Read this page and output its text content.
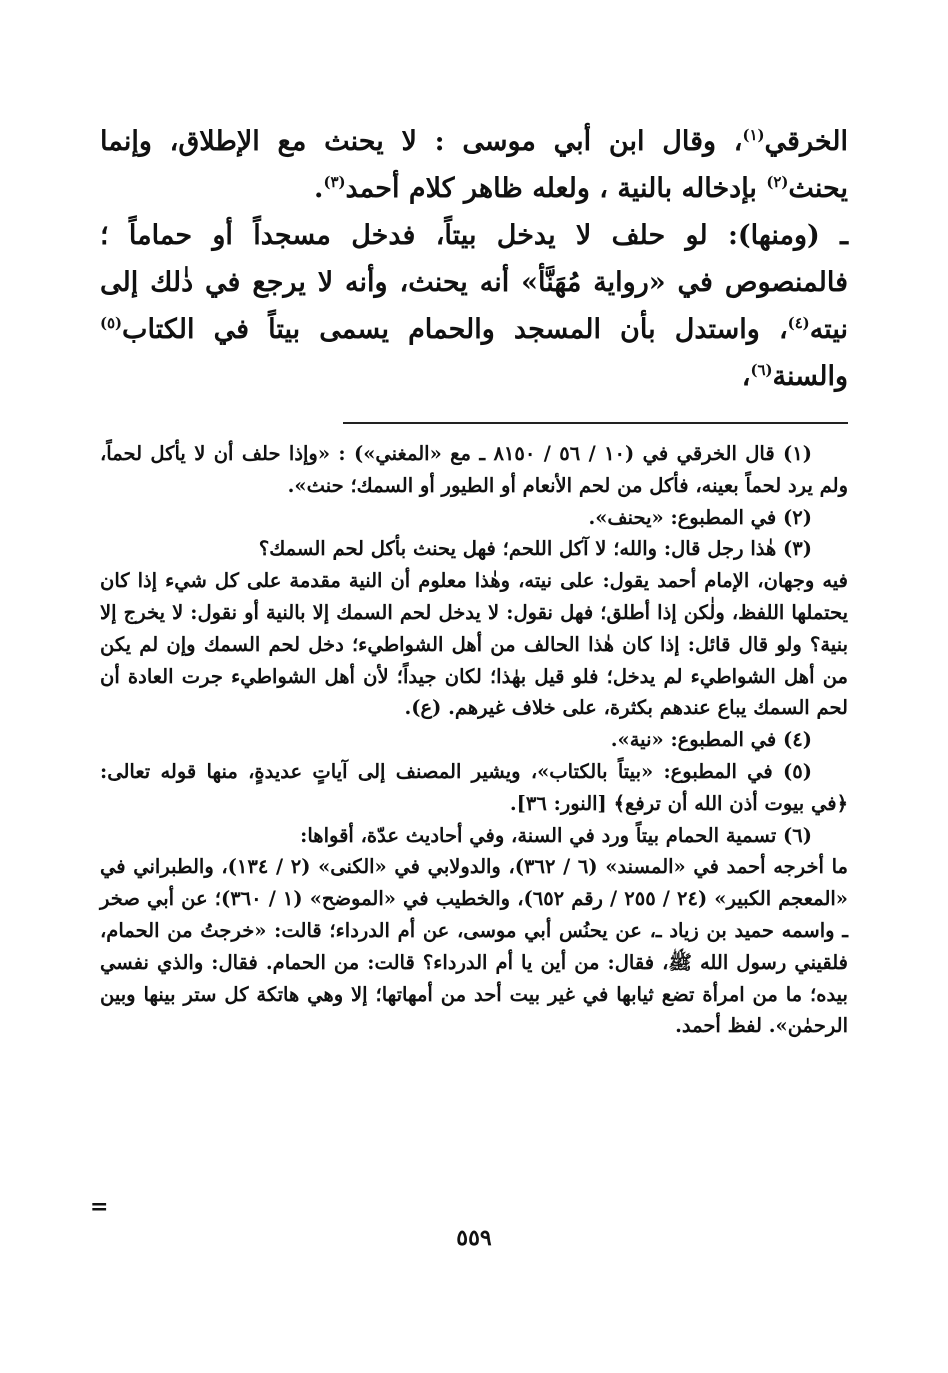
الخرقي$^{(١)}$، وقال ابن أبي موسى : لا يحنث مع الإطلاق، وإنما يحنث$^{(٢)}$ بإدخاله بالنية ، ولعله ظاهر كلام أحمد$^{(٣)}$.

ـ (ومنها): لو حلف لا يدخل بيتاً، فدخل مسجداً أو حماماً ؛ فالمنصوص في «رواية مُهَنَّأ» أنه يحنث، وأنه لا يرجع في ذٰلك إلى نيته$^{(٤)}$، واستدل بأن المسجد والحمام يسمى بيتاً في الكتاب$^{(٥)}$ والسنة$^{(٦)}$،

(١) قال الخرقي في (١٠ / ٥٦ / ٨١٥٠ ـ مع «المغني») : «وإذا حلف أن لا يأكل لحماً، ولم يرد لحماً بعينه، فأكل من لحم الأنعام أو الطيور أو السمك؛ حنث».

(٢) في المطبوع: «يحنف».

(٣) هٰذا رجل قال: والله؛ لا آكل اللحم؛ فهل يحنث بأكل لحم السمك؟

فيه وجهان، الإمام أحمد يقول: على نيته، وهٰذا معلوم أن النية مقدمة على كل شيء إذا كان يحتملها اللفظ، ولٰكن إذا أطلق؛ فهل نقول: لا يدخل لحم السمك إلا بالنية أو نقول: لا يخرج إلا بنية؟ ولو قال قائل: إذا كان هٰذا الحالف من أهل الشواطيء؛ دخل لحم السمك وإن لم يكن من أهل الشواطيء لم يدخل؛ فلو قيل بهٰذا؛ لكان جيداً؛ لأن أهل الشواطيء جرت العادة أن لحم السمك يباع عندهم بكثرة، على خلاف غيرهم. (ع).

(٤) في المطبوع: «نية».

(٥) في المطبوع: «بيتاً بالكتاب»، ويشير المصنف إلى آياتٍ عديدةٍ، منها قوله تعالى: ﴿في بيوت أذن الله أن ترفع﴾ [النور: ٣٦].

(٦) تسمية الحمام بيتاً ورد في السنة، وفي أحاديث عدّة، أقواها:

ما أخرجه أحمد في «المسند» (٦ / ٣٦٢)، والدولابي في «الكنى» (٢ / ١٣٤)، والطبراني في «المعجم الكبير» (٢٤ / ٢٥٥ / رقم ٦٥٢)، والخطيب في «الموضح» (١ / ٣٦٠)؛ عن أبي صخر ـ واسمه حميد بن زياد ـ، عن يحنُس أبي موسى، عن أم الدرداء؛ قالت: «خرجتُ من الحمام، فلقيني رسول الله ﷺ، فقال: من أين يا أم الدرداء؟ قالت: من الحمام. فقال: والذي نفسي بيده؛ ما من امرأة تضع ثيابها في غير بيت أحد من أمهاتها؛ إلا وهي هاتكة كل ستر بينها وبين الرحمٰن». لفظ أحمد.

=
٥٥٩
